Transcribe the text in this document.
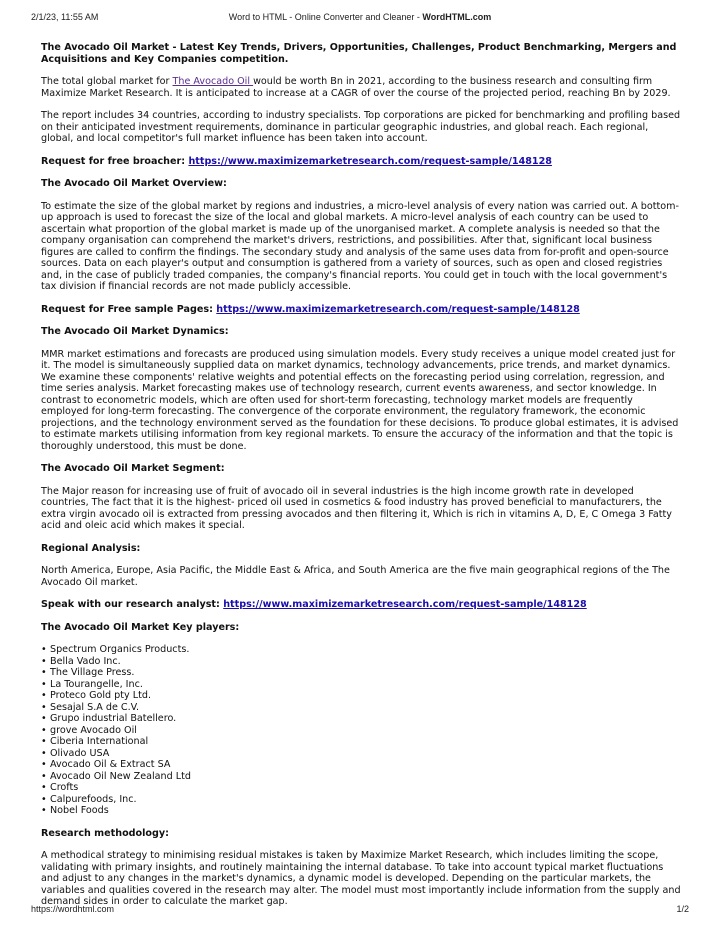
2/1/23, 11:55 AM	Word to HTML - Online Converter and Cleaner - WordHTML.com
The Avocado Oil Market - Latest Key Trends, Drivers, Opportunities, Challenges, Product Benchmarking, Mergers and Acquisitions and Key Companies competition.

The total global market for The Avocado Oil would be worth Bn in 2021, according to the business research and consulting firm Maximize Market Research. It is anticipated to increase at a CAGR of over the course of the projected period, reaching Bn by 2029.

The report includes 34 countries, according to industry specialists. Top corporations are picked for benchmarking and profiling based on their anticipated investment requirements, dominance in particular geographic industries, and global reach. Each regional, global, and local competitor's full market influence has been taken into account.

Request for free broacher: https://www.maximizemarketresearch.com/request-sample/148128
The Avocado Oil Market Overview:

To estimate the size of the global market by regions and industries, a micro-level analysis of every nation was carried out. A bottom-up approach is used to forecast the size of the local and global markets. A micro-level analysis of each country can be used to ascertain what proportion of the global market is made up of the unorganised market. A complete analysis is needed so that the company organisation can comprehend the market's drivers, restrictions, and possibilities. After that, significant local business figures are called to confirm the findings. The secondary study and analysis of the same uses data from for-profit and open-source sources. Data on each player's output and consumption is gathered from a variety of sources, such as open and closed registries and, in the case of publicly traded companies, the company's financial reports. You could get in touch with the local government's tax division if financial records are not made publicly accessible.

Request for Free sample Pages: https://www.maximizemarketresearch.com/request-sample/148128
The Avocado Oil Market Dynamics:

MMR market estimations and forecasts are produced using simulation models. Every study receives a unique model created just for it. The model is simultaneously supplied data on market dynamics, technology advancements, price trends, and market dynamics. We examine these components' relative weights and potential effects on the forecasting period using correlation, regression, and time series analysis. Market forecasting makes use of technology research, current events awareness, and sector knowledge. In contrast to econometric models, which are often used for short-term forecasting, technology market models are frequently employed for long-term forecasting. The convergence of the corporate environment, the regulatory framework, the economic projections, and the technology environment served as the foundation for these decisions. To produce global estimates, it is advised to estimate markets utilising information from key regional markets. To ensure the accuracy of the information and that the topic is thoroughly understood, this must be done.

The Avocado Oil Market Segment:

The Major reason for increasing use of fruit of avocado oil in several industries is the high income growth rate in developed countries, The fact that it is the highest- priced oil used in cosmetics & food industry has proved beneficial to manufacturers, the extra virgin avocado oil is extracted from pressing avocados and then filtering it, Which is rich in vitamins A, D, E, C Omega 3 Fatty acid and oleic acid which makes it special.

Regional Analysis:

North America, Europe, Asia Pacific, the Middle East & Africa, and South America are the five main geographical regions of the The Avocado Oil market.

Speak with our research analyst: https://www.maximizemarketresearch.com/request-sample/148128
The Avocado Oil Market Key players:
• Spectrum Organics Products.
• Bella Vado Inc.
• The Village Press.
• La Tourangelle, Inc.
• Proteco Gold pty Ltd.
• Sesajal S.A de C.V.
• Grupo industrial Batellero.
• grove Avocado Oil
• Ciberia International
• Olivado USA
• Avocado Oil & Extract SA
• Avocado Oil New Zealand Ltd
• Crofts
• Calpurefoods, Inc.
• Nobel Foods
Research methodology:

A methodical strategy to minimising residual mistakes is taken by Maximize Market Research, which includes limiting the scope, validating with primary insights, and routinely maintaining the internal database. To take into account typical market fluctuations and adjust to any changes in the market's dynamics, a dynamic model is developed. Depending on the particular markets, the variables and qualities covered in the research may alter. The model must most importantly include information from the supply and demand sides in order to calculate the market gap.

https://wordhtml.com	1/2
